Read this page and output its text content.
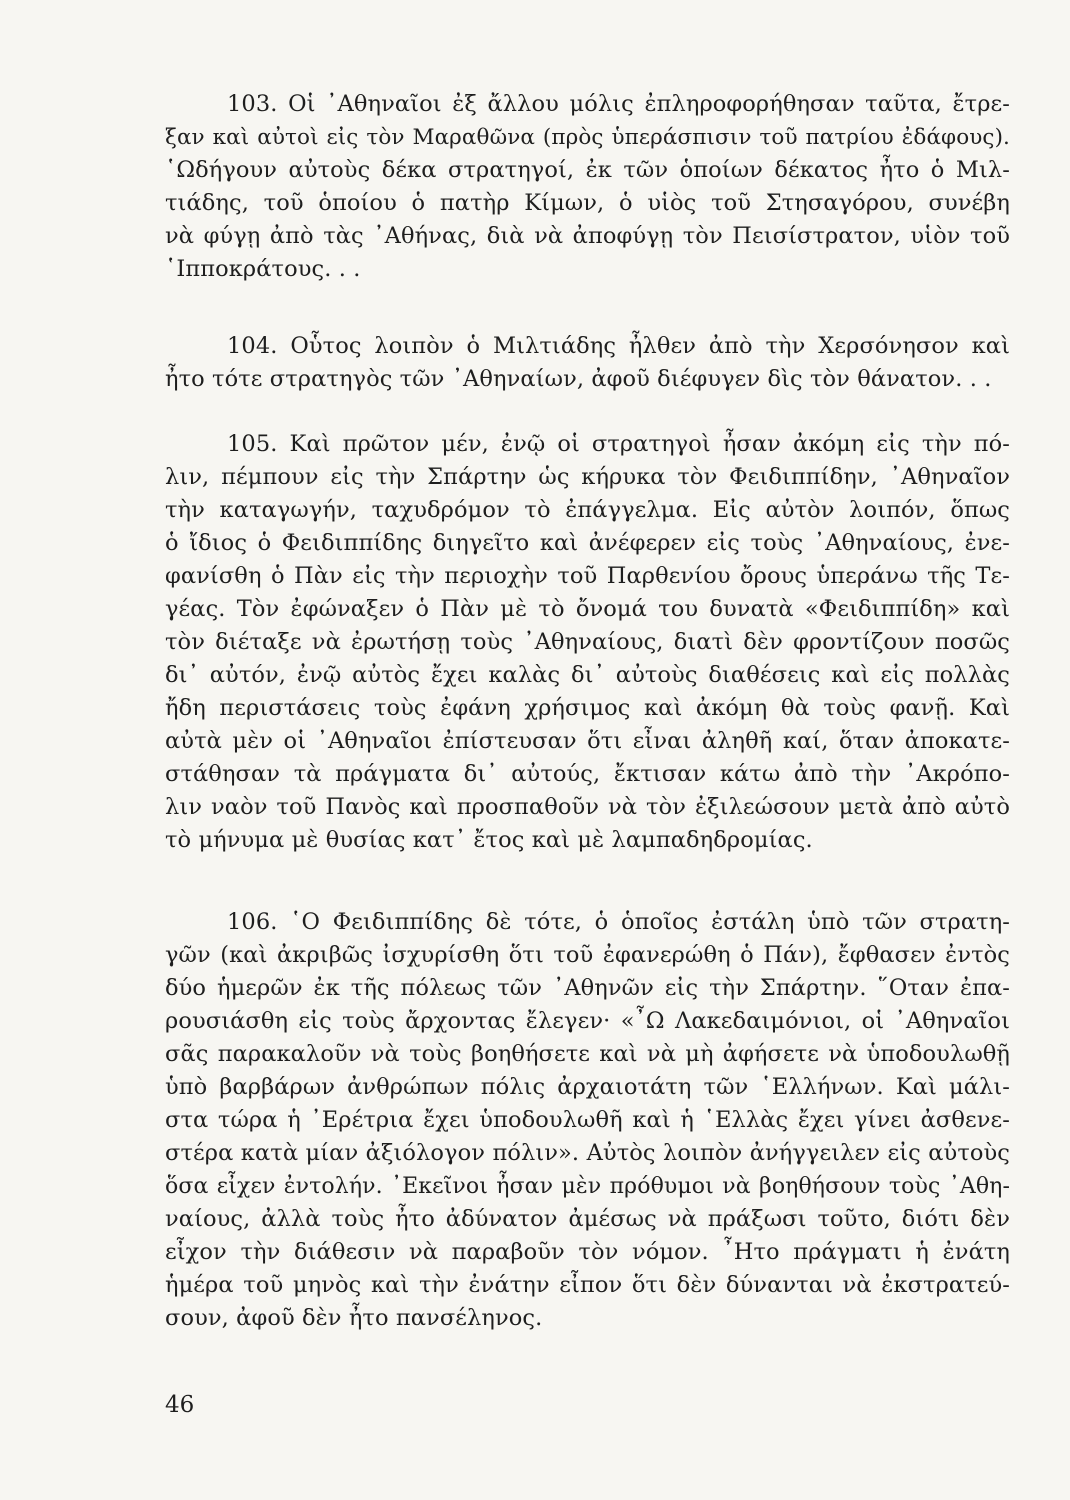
103. Οἱ ᾿Αθηναῖοι ἐξ ἄλλου μόλις ἐπληροφορήθησαν ταῦτα, ἔτρε-
ξαν καὶ αὐτοὶ εἰς τὸν Μαραθῶνα (πρὸς ὑπεράσπισιν τοῦ πατρίου ἐδάφους).
῾Ωδήγουν αὐτοὺς δέκα στρατηγοί, ἐκ τῶν ὁποίων δέκατος ἦτο ὁ Μιλ-
τιάδης, τοῦ ὁποίου ὁ πατὴρ Κίμων, ὁ υἱὸς τοῦ Στησαγόρου, συνέβη
νὰ φύγῃ ἀπὸ τὰς ᾿Αθήνας, διὰ νὰ ἀποφύγῃ τὸν Πεισίστρατον, υἱὸν τοῦ
῾Ιπποκράτους. . .
104. Οὗτος λοιπὸν ὁ Μιλτιάδης ἦλθεν ἀπὸ τὴν Χερσόνησον καὶ
ἦτο τότε στρατηγὸς τῶν ᾿Αθηναίων, ἀφοῦ διέφυγεν δὶς τὸν θάνατον. . .
105. Καὶ πρῶτον μέν, ἐνῷ οἱ στρατηγοὶ ἦσαν ἀκόμη εἰς τὴν πό-
λιν, πέμπουν εἰς τὴν Σπάρτην ὡς κήρυκα τὸν Φειδιππίδην, ᾿Αθηναῖον
τὴν καταγωγήν, ταχυδρόμον τὸ ἐπάγγελμα. Εἰς αὐτὸν λοιπόν, ὅπως
ὁ ἴδιος ὁ Φειδιππίδης διηγεῖτο καὶ ἀνέφερεν εἰς τοὺς ᾿Αθηναίους, ἐνε-
φανίσθη ὁ Πὰν εἰς τὴν περιοχὴν τοῦ Παρθενίου ὄρους ὑπεράνω τῆς Τε-
γέας. Τὸν ἐφώναξεν ὁ Πὰν μὲ τὸ ὄνομά του δυνατὰ «Φειδιππίδη» καὶ
τὸν διέταξε νὰ ἐρωτήσῃ τοὺς ᾿Αθηναίους, διατὶ δὲν φροντίζουν ποσῶς
δι᾿ αὐτόν, ἐνῷ αὐτὸς ἔχει καλὰς δι᾿ αὐτοὺς διαθέσεις καὶ εἰς πολλὰς
ἤδη περιστάσεις τοὺς ἐφάνη χρήσιμος καὶ ἀκόμη θὰ τοὺς φανῇ. Καὶ
αὐτὰ μὲν οἱ ᾿Αθηναῖοι ἐπίστευσαν ὅτι εἶναι ἀληθῆ καί, ὅταν ἀποκατε-
στάθησαν τὰ πράγματα δι᾿ αὐτούς, ἔκτισαν κάτω ἀπὸ τὴν ᾿Ακρόπο-
λιν ναὸν τοῦ Πανὸς καὶ προσπαθοῦν νὰ τὸν ἐξιλεώσουν μετὰ ἀπὸ αὐτὸ
τὸ μήνυμα μὲ θυσίας κατ᾿ ἔτος καὶ μὲ λαμπαδηδρομίας.
106. ῾Ο Φειδιππίδης δὲ τότε, ὁ ὁποῖος ἐστάλη ὑπὸ τῶν στρατη-
γῶν (καὶ ἀκριβῶς ἰσχυρίσθη ὅτι τοῦ ἐφανερώθη ὁ Πάν), ἔφθασεν ἐντὸς
δύο ἡμερῶν ἐκ τῆς πόλεως τῶν ᾿Αθηνῶν εἰς τὴν Σπάρτην. ῞Οταν ἐπα-
ρουσιάσθη εἰς τοὺς ἄρχοντας ἔλεγεν· «῏Ω Λακεδαιμόνιοι, οἱ ᾿Αθηναῖοι
σᾶς παρακαλοῦν νὰ τοὺς βοηθήσετε καὶ νὰ μὴ ἀφήσετε νὰ ὑποδουλωθῇ
ὑπὸ βαρβάρων ἀνθρώπων πόλις ἀρχαιοτάτη τῶν ῾Ελλήνων. Καὶ μάλι-
στα τώρα ἡ ᾿Ερέτρια ἔχει ὑποδουλωθῆ καὶ ἡ ῾Ελλὰς ἔχει γίνει ἀσθενε-
στέρα κατὰ μίαν ἀξιόλογον πόλιν». Αὐτὸς λοιπὸν ἀνήγγειλεν εἰς αὐτοὺς
ὅσα εἶχεν ἐντολήν. ᾿Εκεῖνοι ἦσαν μὲν πρόθυμοι νὰ βοηθήσουν τοὺς ᾿Αθη-
ναίους, ἀλλὰ τοὺς ἦτο ἀδύνατον ἀμέσως νὰ πράξωσι τοῦτο, διότι δὲν
εἶχον τὴν διάθεσιν νὰ παραβοῦν τὸν νόμον. ῏Ητο πράγματι ἡ ἐνάτη
ἡμέρα τοῦ μηνὸς καὶ τὴν ἐνάτην εἶπον ὅτι δὲν δύνανται νὰ ἐκστρατεύ-
σουν, ἀφοῦ δὲν ἦτο πανσέληνος.
46
